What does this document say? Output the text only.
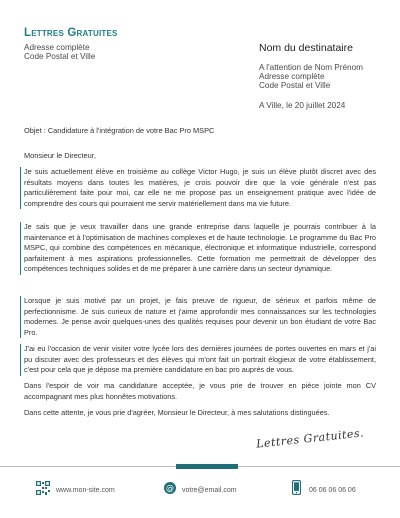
Lettres Gratuites
Adresse complète
Code Postal et Ville
Nom du destinataire
A l'attention de Nom Prénom
Adresse complète
Code Postal et Ville
A Ville, le 20 juillet 2024
Objet : Candidature à l'intégration de votre Bac Pro MSPC
Monsieur le Directeur,

Je suis actuellement élève en troisième au collège Victor Hugo, je suis un élève plutôt discret avec des résultats moyens dans toutes les matières, je crois pouvoir dire que la voie générale n'est pas particulièrement faite pour moi, car elle ne me propose pas un enseignement pratique avec l'idée de comprendre des cours qui pourraient me servir matériellement dans ma vie future.

Je sais que je veux travailler dans une grande entreprise dans laquelle je pourrais contribuer à la maintenance et à l'optimisation de machines complexes et de haute technologie. Le programme du Bac Pro MSPC, qui combine des compétences en mécanique, électronique et informatique industrielle, correspond parfaitement à mes aspirations professionnelles. Cette formation me permettrait de développer des compétences techniques solides et de me préparer à une carrière dans un secteur dynamique.

Lorsque je suis motivé par un projet, je fais preuve de rigueur, de sérieux et parfois même de perfectionnisme. Je suis curieux de nature et j'aime approfondir mes connaissances sur les technologies modernes. Je pense avoir quelques-unes des qualités requises pour devenir un bon étudiant de votre Bac Pro.

J'ai eu l'occasion de venir visiter votre lycée lors des dernières journées de portes ouvertes en mars et j'ai pu discuter avec des professeurs et des élèves qui m'ont fait un portrait élogieux de votre établissement, c'est pour cela que je dépose ma première candidature en bac pro auprès de vous.

Dans l'espoir de voir ma candidature acceptée, je vous prie de trouver en pièce jointe mon CV accompagnant mes plus honnêtes motivations.

Dans cette attente, je vous prie d'agréer, Monsieur le Directeur, à mes salutations distinguées.

Lettres Gratuites.
www.mon-site.com	@ votre@email.com	06 06 06 06 06
